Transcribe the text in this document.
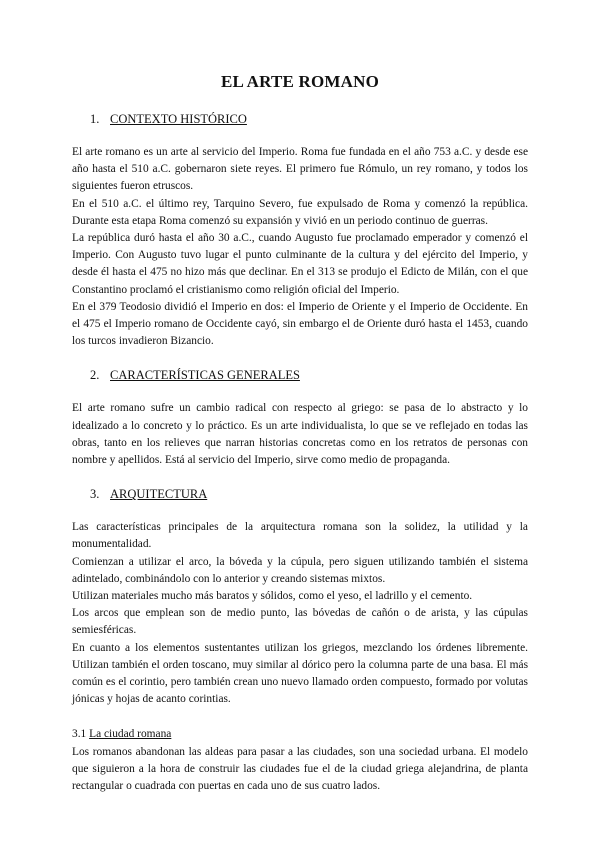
EL ARTE ROMANO
1. CONTEXTO HISTÓRICO

El arte romano es un arte al servicio del Imperio. Roma fue fundada en el año 753 a.C. y desde ese año hasta el 510 a.C. gobernaron siete reyes. El primero fue Rómulo, un rey romano, y todos los siguientes fueron etruscos.

En el 510 a.C. el último rey, Tarquino Severo, fue expulsado de Roma y comenzó la república. Durante esta etapa Roma comenzó su expansión y vivió en un periodo continuo de guerras.

La república duró hasta el año 30 a.C., cuando Augusto fue proclamado emperador y comenzó el Imperio. Con Augusto tuvo lugar el punto culminante de la cultura y del ejército del Imperio, y desde él hasta el 475 no hizo más que declinar. En el 313 se produjo el Edicto de Milán, con el que Constantino proclamó el cristianismo como religión oficial del Imperio.

En el 379 Teodosio dividió el Imperio en dos: el Imperio de Oriente y el Imperio de Occidente. En el 475 el Imperio romano de Occidente cayó, sin embargo el de Oriente duró hasta el 1453, cuando los turcos invadieron Bizancio.

2. CARACTERÍSTICAS GENERALES

El arte romano sufre un cambio radical con respecto al griego: se pasa de lo abstracto y lo idealizado a lo concreto y lo práctico. Es un arte individualista, lo que se ve reflejado en todas las obras, tanto en los relieves que narran historias concretas como en los retratos de personas con nombre y apellidos. Está al servicio del Imperio, sirve como medio de propaganda.

3. ARQUITECTURA

Las características principales de la arquitectura romana son la solidez, la utilidad y la monumentalidad.

Comienzan a utilizar el arco, la bóveda y la cúpula, pero siguen utilizando también el sistema adintelado, combinándolo con lo anterior y creando sistemas mixtos.

Utilizan materiales mucho más baratos y sólidos, como el yeso, el ladrillo y el cemento.

Los arcos que emplean son de medio punto, las bóvedas de cañón o de arista, y las cúpulas semiesféricas.

En cuanto a los elementos sustentantes utilizan los griegos, mezclando los órdenes libremente. Utilizan también el orden toscano, muy similar al dórico pero la columna parte de una basa. El más común es el corintio, pero también crean uno nuevo llamado orden compuesto, formado por volutas jónicas y hojas de acanto corintias.

3.1 La ciudad romana

Los romanos abandonan las aldeas para pasar a las ciudades, son una sociedad urbana. El modelo que siguieron a la hora de construir las ciudades fue el de la ciudad griega alejandrina, de planta rectangular o cuadrada con puertas en cada uno de sus cuatro lados.
